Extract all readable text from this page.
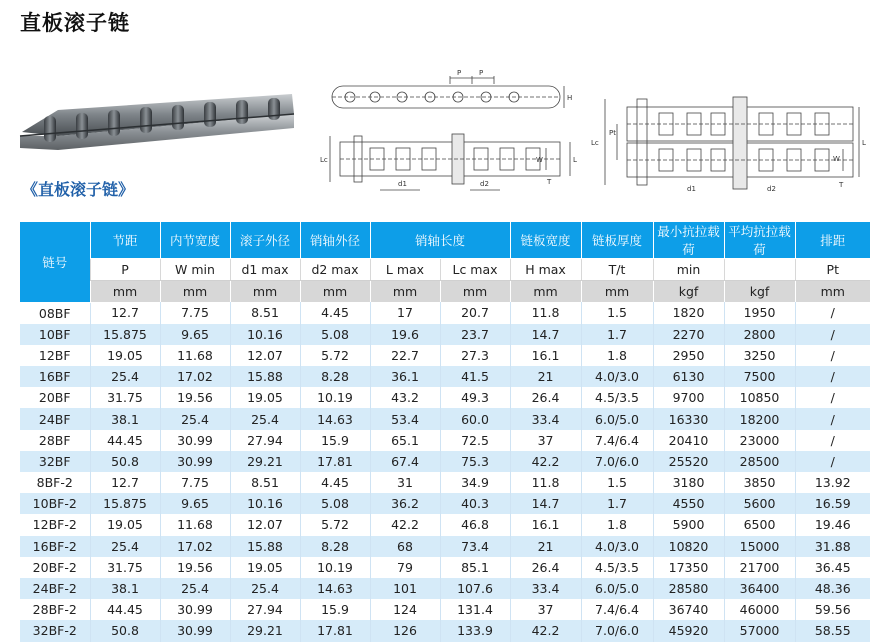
直板滚子链
P	P
H
Lc	W	L
d1	d2	T
Lc
Pt
W
L
d1	d2	T
《直板滚子链》
链号	节距	内节宽度	滚子外径	销轴外径	销轴长度		链板宽度	链板厚度	最小抗拉载荷	平均抗拉载荷	排距
	P	W min	d1 max	d2 max	L max	Lc max	H max	T/t	min		Pt
	mm	mm	mm	mm	mm	mm	mm	mm	kgf	kgf	mm
08BF	12.7	7.75	8.51	4.45	17	20.7	11.8	1.5	1820	1950	/
10BF	15.875	9.65	10.16	5.08	19.6	23.7	14.7	1.7	2270	2800	/
12BF	19.05	11.68	12.07	5.72	22.7	27.3	16.1	1.8	2950	3250	/
16BF	25.4	17.02	15.88	8.28	36.1	41.5	21	4.0/3.0	6130	7500	/
20BF	31.75	19.56	19.05	10.19	43.2	49.3	26.4	4.5/3.5	9700	10850	/
24BF	38.1	25.4	25.4	14.63	53.4	60.0	33.4	6.0/5.0	16330	18200	/
28BF	44.45	30.99	27.94	15.9	65.1	72.5	37	7.4/6.4	20410	23000	/
32BF	50.8	30.99	29.21	17.81	67.4	75.3	42.2	7.0/6.0	25520	28500	/
8BF-2	12.7	7.75	8.51	4.45	31	34.9	11.8	1.5	3180	3850	13.92
10BF-2	15.875	9.65	10.16	5.08	36.2	40.3	14.7	1.7	4550	5600	16.59
12BF-2	19.05	11.68	12.07	5.72	42.2	46.8	16.1	1.8	5900	6500	19.46
16BF-2	25.4	17.02	15.88	8.28	68	73.4	21	4.0/3.0	10820	15000	31.88
20BF-2	31.75	19.56	19.05	10.19	79	85.1	26.4	4.5/3.5	17350	21700	36.45
24BF-2	38.1	25.4	25.4	14.63	101	107.6	33.4	6.0/5.0	28580	36400	48.36
28BF-2	44.45	30.99	27.94	15.9	124	131.4	37	7.4/6.4	36740	46000	59.56
32BF-2	50.8	30.99	29.21	17.81	126	133.9	42.2	7.0/6.0	45920	57000	58.55
